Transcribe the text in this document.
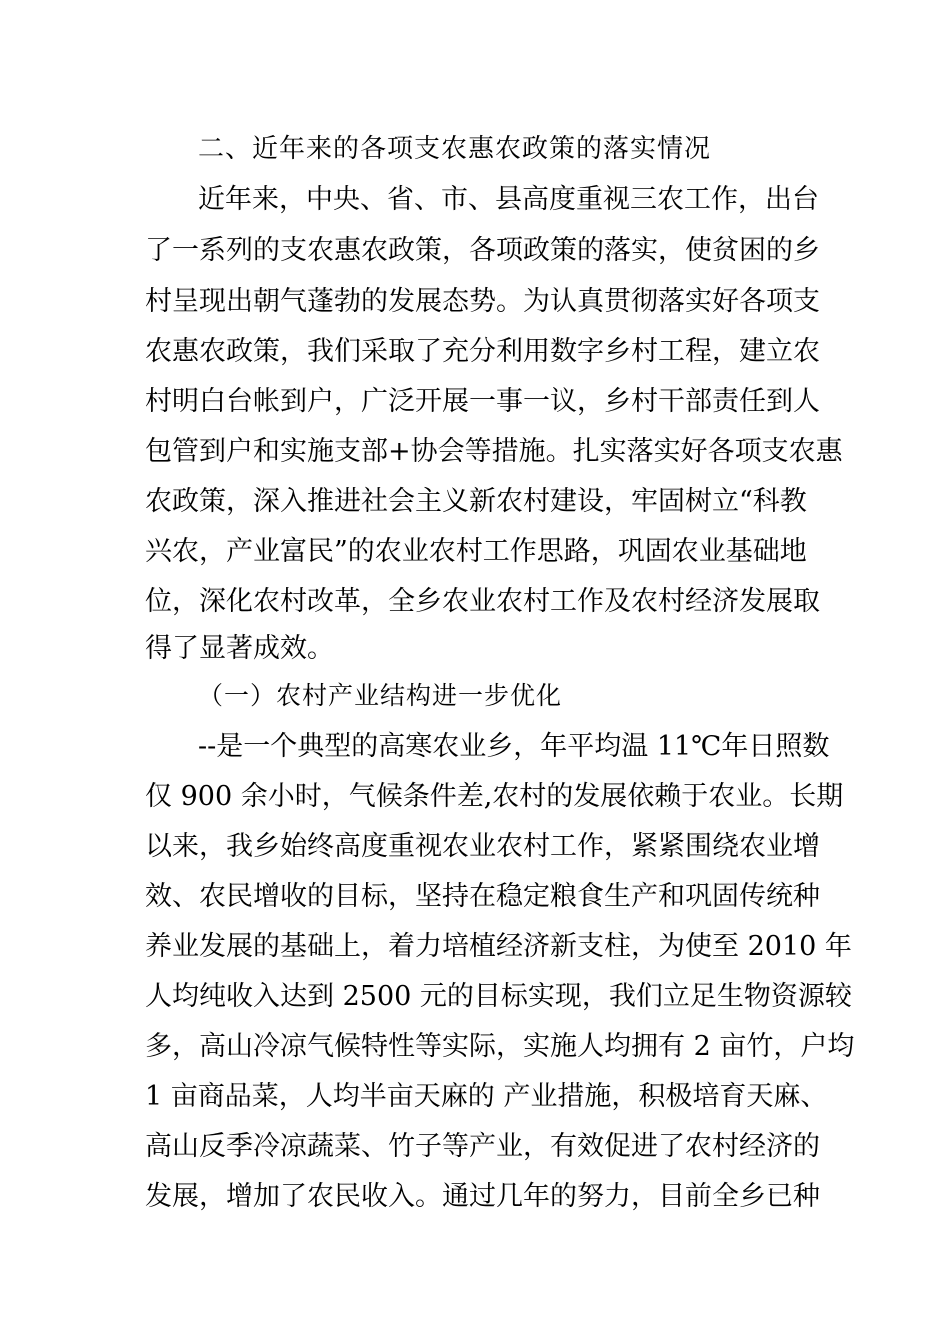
二、近年来的各项支农惠农政策的落实情况
近年来，中央、省、市、县高度重视三农工作，出台
了一系列的支农惠农政策，各项政策的落实，使贫困的乡
村呈现出朝气蓬勃的发展态势。为认真贯彻落实好各项支
农惠农政策，我们采取了充分利用数字乡村工程，建立农
村明白台帐到户，广泛开展一事一议，乡村干部责任到人
包管到户和实施支部+协会等措施。扎实落实好各项支农惠
农政策，深入推进社会主义新农村建设，牢固树立“科教
兴农，产业富民”的农业农村工作思路，巩固农业基础地
位，深化农村改革，全乡农业农村工作及农村经济发展取
得了显著成效。
（一）农村产业结构进一步优化
--是一个典型的高寒农业乡，年平均温 11℃年日照数
仅 900 余小时，气候条件差,农村的发展依赖于农业。长期
以来，我乡始终高度重视农业农村工作，紧紧围绕农业增
效、农民增收的目标，坚持在稳定粮食生产和巩固传统种
养业发展的基础上，着力培植经济新支柱，为使至 2010 年
人均纯收入达到 2500 元的目标实现，我们立足生物资源较
多，高山冷凉气候特性等实际，实施人均拥有 2 亩竹，户均
1 亩商品菜，人均半亩天麻的 产业措施，积极培育天麻、
高山反季冷凉蔬菜、竹子等产业，有效促进了农村经济的
发展，增加了农民收入。通过几年的努力，目前全乡已种
